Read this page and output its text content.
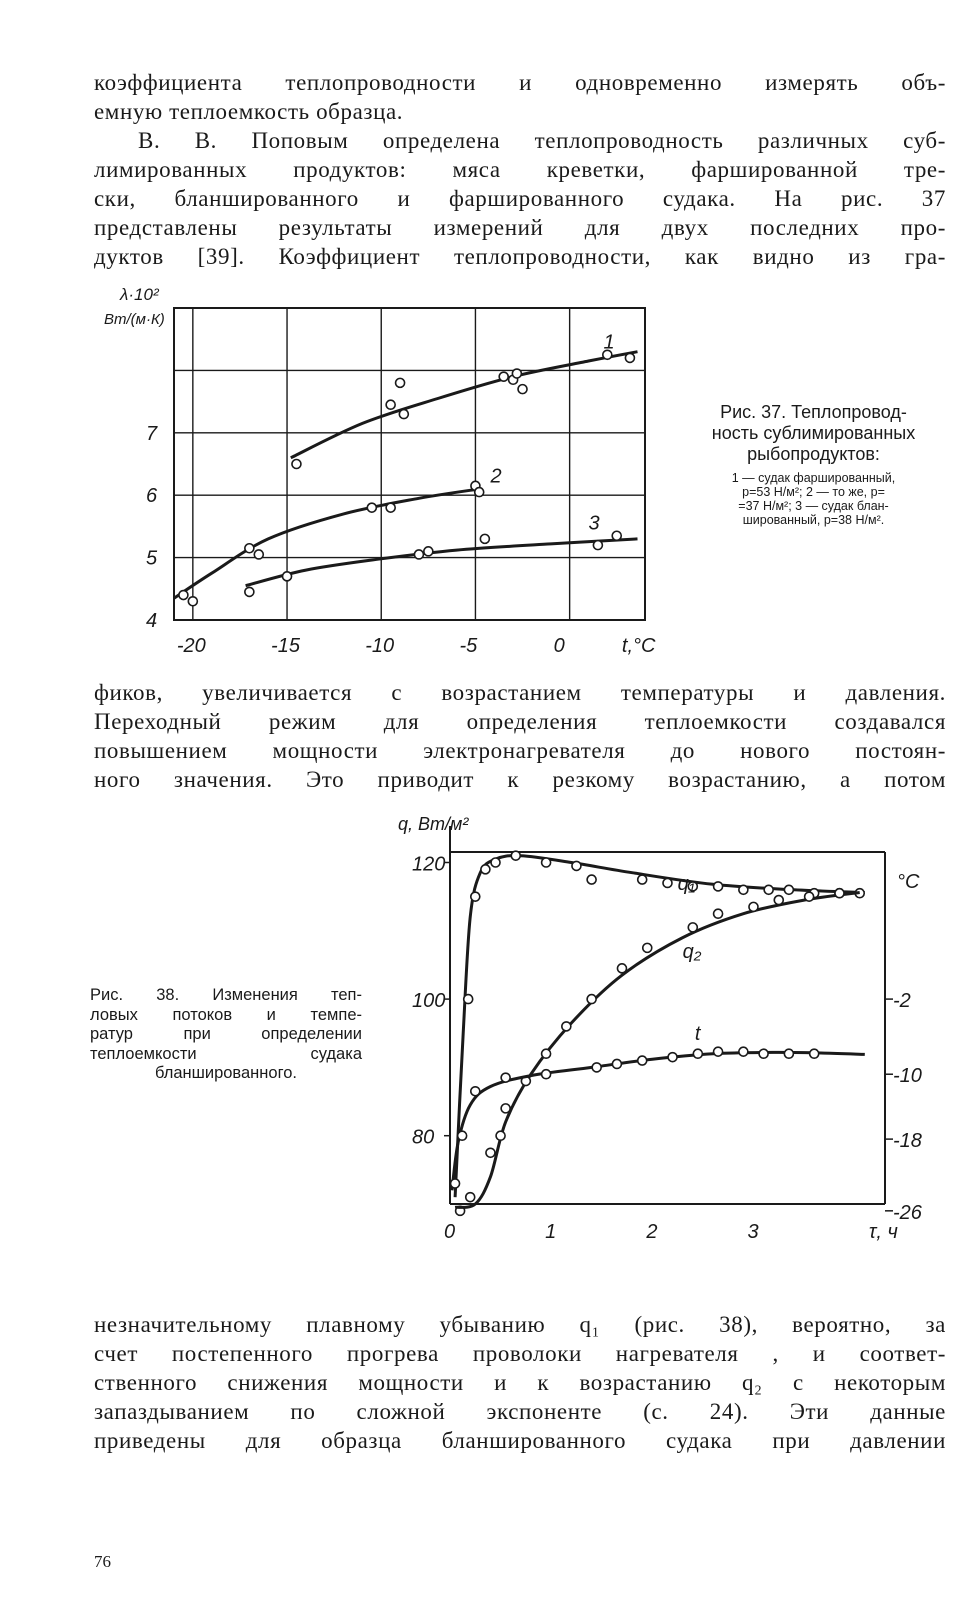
коэффициента теплопроводности и одновременно измерять объ-
емную теплоемкость образца.
В. В. Поповым определена теплопроводность различных суб-
лимированных продуктов: мяса креветки, фаршированной тре-
ски, бланшированного и фаршированного судака. На рис. 37
представлены результаты измерений для двух последних про-
дуктов [39]. Коэффициент теплопроводности, как видно из гра-
λ·10²
Вт/(м·К)
4
5
6
7
-20	-15	-10	-5	0	t,°C
1
2
3
Рис. 37. Теплопровод-
ность сублимированных
рыбопродуктов:
1 — судак фаршированный,
p=53 Н/м²; 2 — то же, p=
=37 Н/м²; 3 — судак блан-
шированный, p=38 Н/м².
фиков, увеличивается с возрастанием температуры и давления.
Переходный режим для определения теплоемкости создавался
повышением мощности электронагревателя до нового постоян-
ного значения. Это приводит к резкому возрастанию, а потом
Рис. 38. Изменения теп-
ловых потоков и темпе-
ратур при определении
теплоемкости судака
бланшированного.
q, Вт/м²
80
100
120
°C
-2
-10
-18
-26
0	1	2	3	τ, ч
q₁
q₂
t
незначительному плавному убыванию q₁ (рис. 38), вероятно, за
счет постепенного прогрева проволоки нагревателя , и соответ-
ственного снижения мощности и к возрастанию q₂ с некоторым
запаздыванием по сложной экспоненте (с. 24). Эти данные
приведены для образца бланшированного судака при давлении
76
